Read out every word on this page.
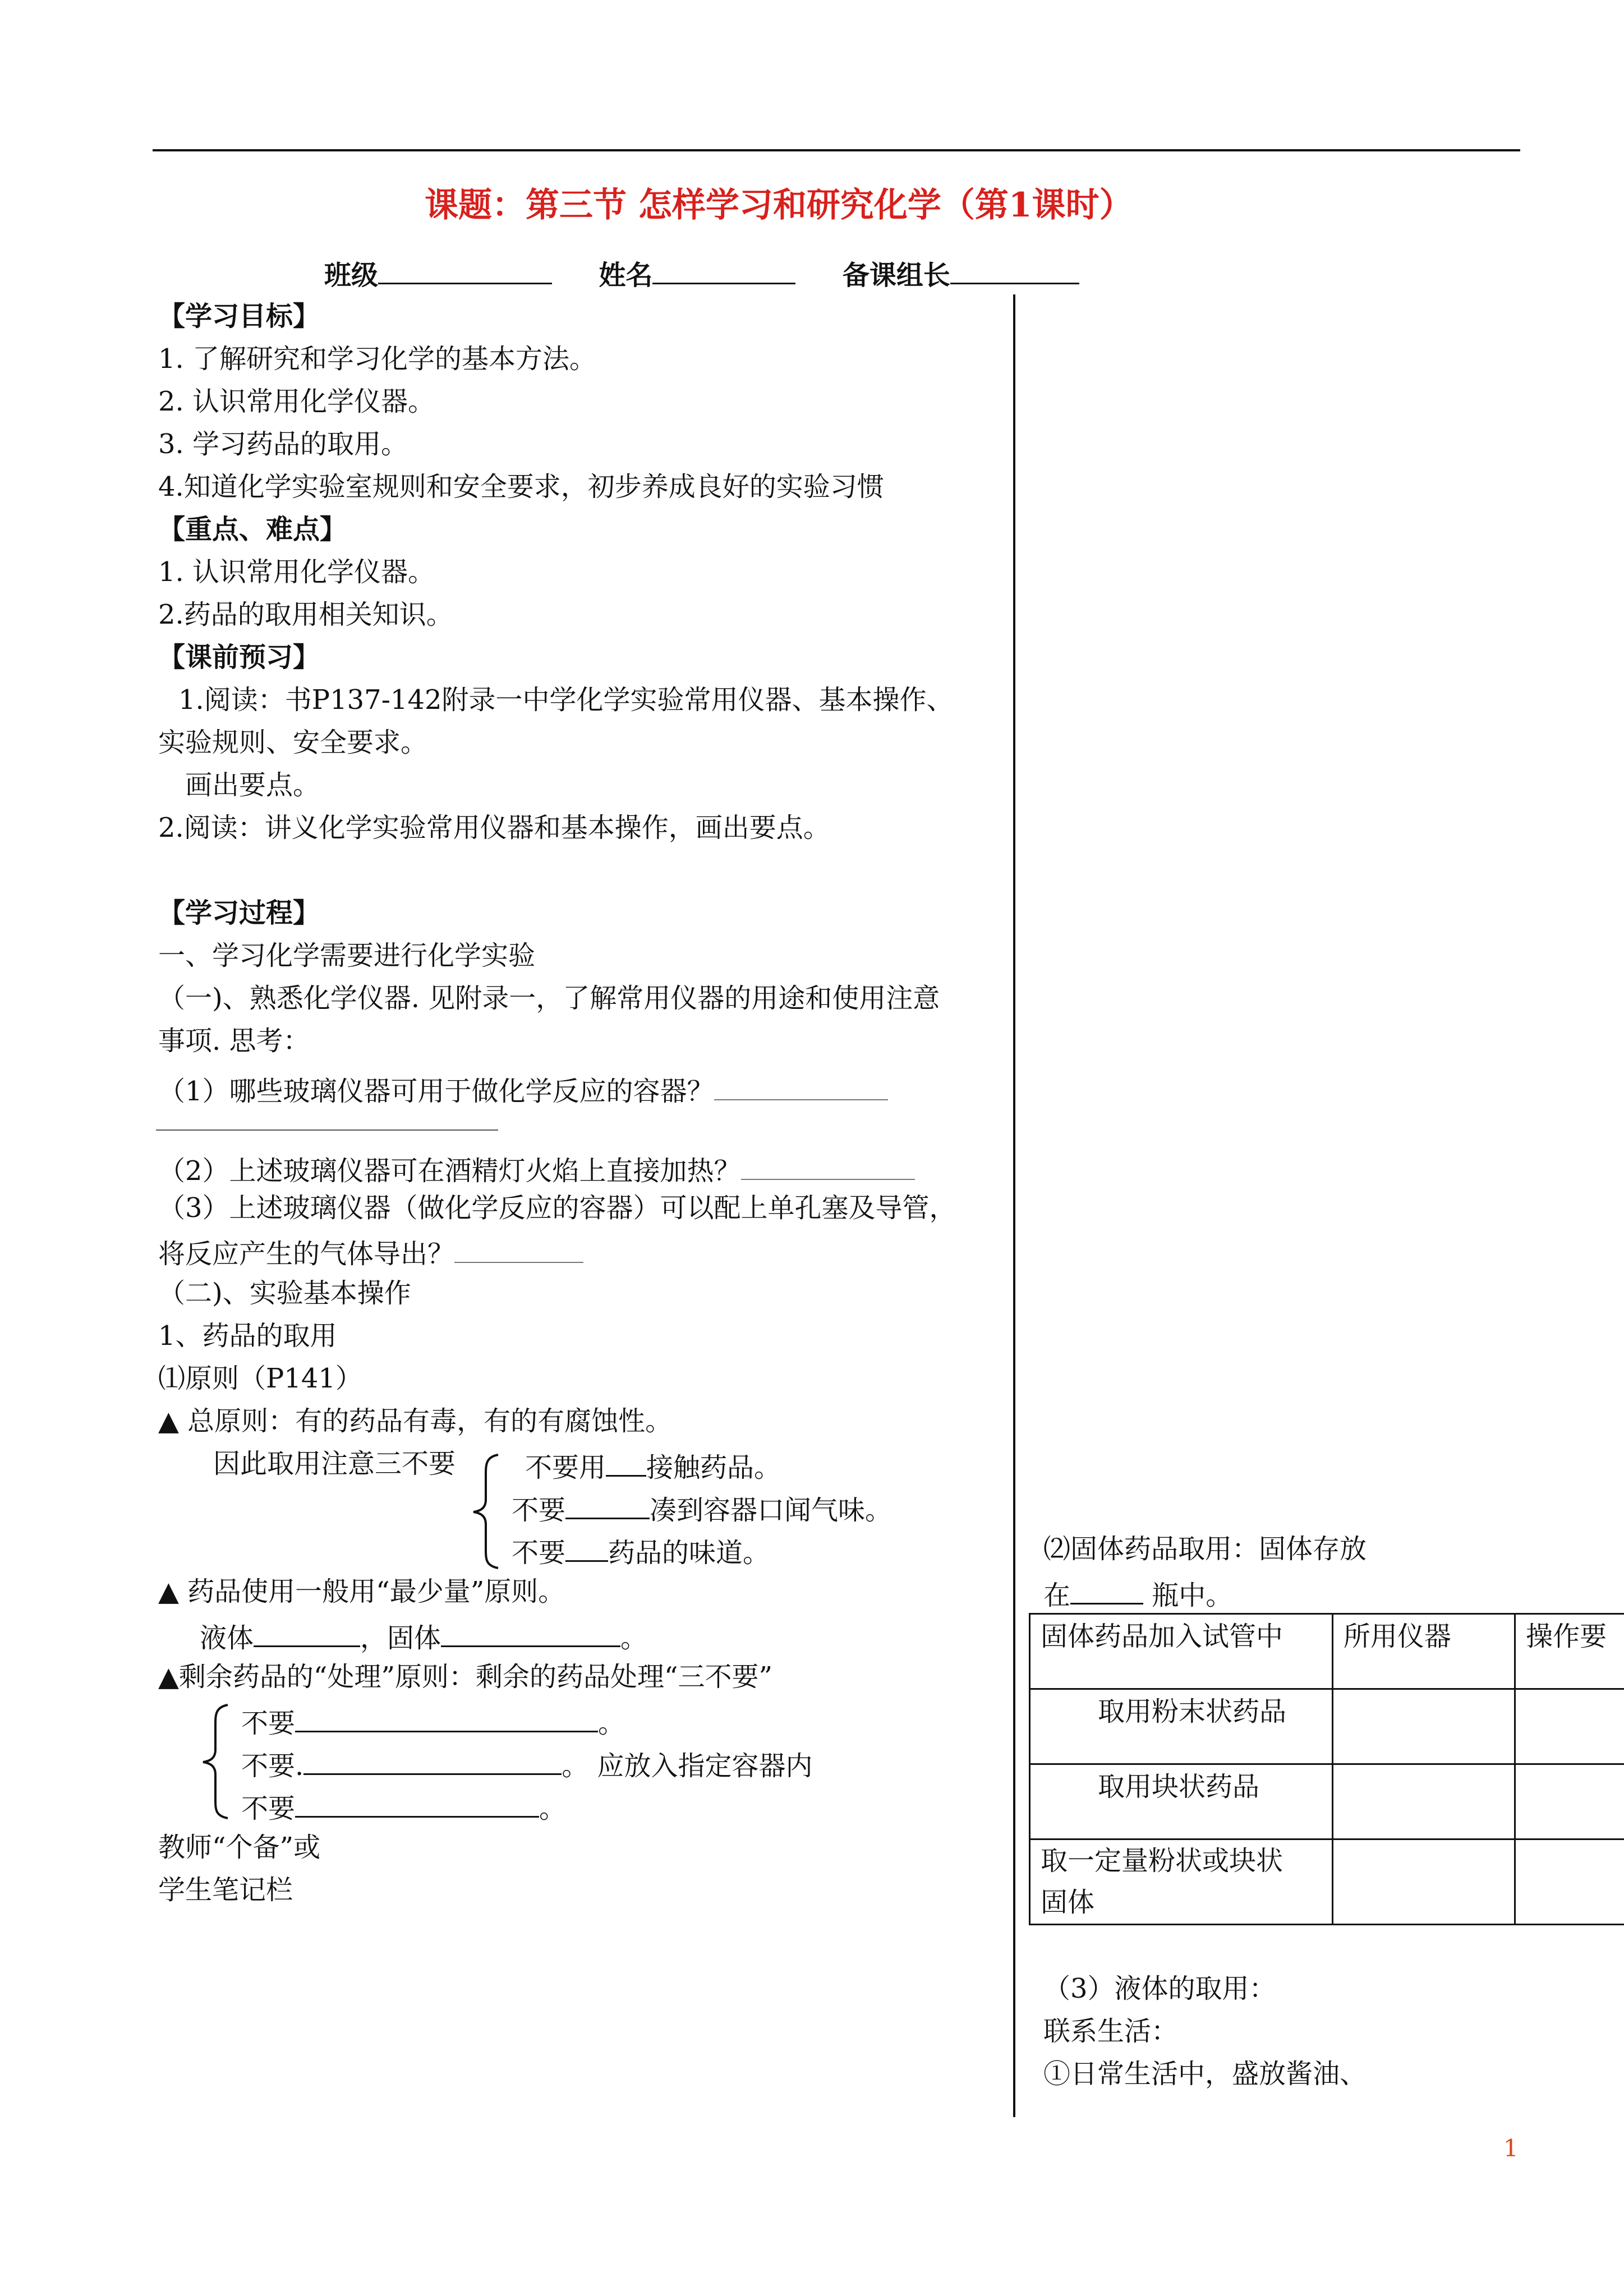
课题：第三节 怎样学习和研究化学（第1课时）
班级	姓名	备课组长
【学习目标】
1. 了解研究和学习化学的基本方法。
2. 认识常用化学仪器。
3. 学习药品的取用。
4.知道化学实验室规则和安全要求，初步养成良好的实验习惯
【重点、难点】
1. 认识常用化学仪器。
2.药品的取用相关知识。
【课前预习】
1.阅读：书P137-142附录一中学化学实验常用仪器、基本操作、
实验规则、安全要求。
画出要点。
2.阅读：讲义化学实验常用仪器和基本操作，画出要点。
【学习过程】
一、学习化学需要进行化学实验
（一)、熟悉化学仪器. 见附录一，了解常用仪器的用途和使用注意
事项. 思考：
（1）哪些玻璃仪器可用于做化学反应的容器？
（2）上述玻璃仪器可在酒精灯火焰上直接加热？
（3）上述玻璃仪器（做化学反应的容器）可以配上单孔塞及导管，
将反应产生的气体导出？
（二)、实验基本操作
1、药品的取用
⑴原则（P141）
▲ 总原则：有的药品有毒，有的有腐蚀性。
因此取用注意三不要	不要用 接触药品。
不要	凑到容器口闻气味。
不要 药品的味道。
▲ 药品使用一般用“最少量”原则。
液体	，固体	。
▲剩余药品的“处理”原则：剩余的药品处理“三不要”
不要	。
不要.	。 应放入指定容器内
不要	。
教师“个备”或
学生笔记栏
⑵固体药品取用：固体存放
在	瓶中。
固体药品加入试管中	所用仪器	操作要
取用粉末状药品		
取用块状药品		
取一定量粉状或块状
固体		
（3）液体的取用：
联系生活：
①日常生活中，盛放酱油、
1
